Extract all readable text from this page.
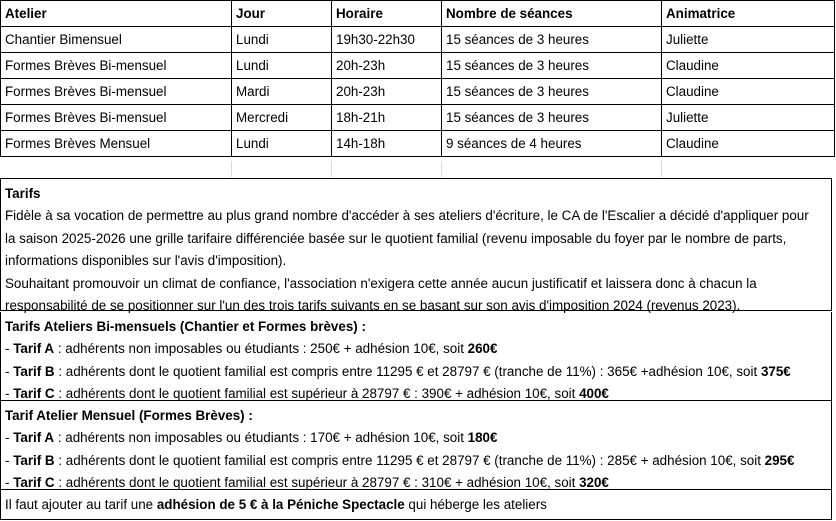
Atelier	Jour	Horaire	Nombre de séances	Animatrice
Chantier Bimensuel	Lundi	19h30-22h30	15 séances de 3 heures	Juliette
Formes Brèves Bi-mensuel	Lundi	20h-23h	15 séances de 3 heures	Claudine
Formes Brèves Bi-mensuel	Mardi	20h-23h	15 séances de 3 heures	Claudine
Formes Brèves Bi-mensuel	Mercredi	18h-21h	15 séances de 3 heures	Juliette
Formes Brèves Mensuel	Lundi	14h-18h	9 séances de 4 heures	Claudine
Tarifs
Fidèle à sa vocation de permettre au plus grand nombre d'accéder à ses ateliers d'écriture, le CA de l'Escalier a décidé d'appliquer pour
la saison 2025-2026 une grille tarifaire différenciée basée sur le quotient familial (revenu imposable du foyer par le nombre de parts,
informations disponibles sur l'avis d'imposition).
Souhaitant promouvoir un climat de confiance, l'association n'exigera cette année aucun justificatif et laissera donc à chacun la
responsabilité de se positionner sur l'un des trois tarifs suivants en se basant sur son avis d'imposition 2024 (revenus 2023).
Tarifs Ateliers Bi-mensuels (Chantier et Formes brèves) :
- Tarif A : adhérents non imposables ou étudiants : 250€ + adhésion 10€, soit 260€
- Tarif B : adhérents dont le quotient familial est compris entre 11295 € et 28797 € (tranche de 11%) : 365€ +adhésion 10€, soit 375€
- Tarif C : adhérents dont le quotient familial est supérieur à 28797 € : 390€ + adhésion 10€, soit 400€
Tarif Atelier Mensuel (Formes Brèves) :
- Tarif A : adhérents non imposables ou étudiants : 170€ + adhésion 10€, soit 180€
- Tarif B : adhérents dont le quotient familial est compris entre 11295 € et 28797 € (tranche de 11%) : 285€ + adhésion 10€, soit 295€
- Tarif C : adhérents dont le quotient familial est supérieur à 28797 € : 310€ + adhésion 10€, soit 320€
Il faut ajouter au tarif une adhésion de 5 € à la Péniche Spectacle qui héberge les ateliers
